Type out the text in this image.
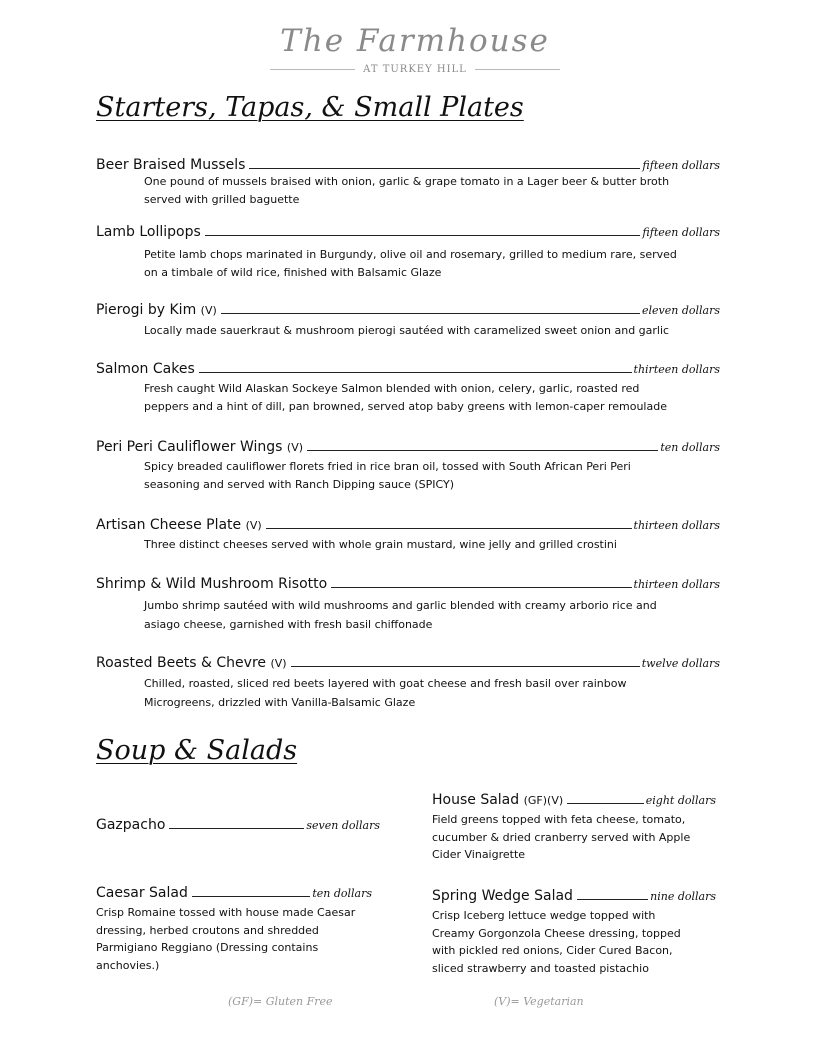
The Farmhouse
AT TURKEY HILL
Starters, Tapas, & Small Plates
Beer Braised Mussels	fifteen dollars
One pound of mussels braised with onion, garlic & grape tomato in a Lager beer & butter broth
served with grilled baguette
Lamb Lollipops	fifteen dollars
Petite lamb chops marinated in Burgundy, olive oil and rosemary, grilled to medium rare, served
on a timbale of wild rice, finished with Balsamic Glaze
Pierogi by Kim (V)	eleven dollars
Locally made sauerkraut & mushroom pierogi sautéed with caramelized sweet onion and garlic
Salmon Cakes	thirteen dollars
Fresh caught Wild Alaskan Sockeye Salmon blended with onion, celery, garlic, roasted red
peppers and a hint of dill, pan browned, served atop baby greens with lemon-caper remoulade
Peri Peri Cauliflower Wings (V)	ten dollars
Spicy breaded cauliflower florets fried in rice bran oil, tossed with South African Peri Peri
seasoning and served with Ranch Dipping sauce (SPICY)
Artisan Cheese Plate (V)	thirteen dollars
Three distinct cheeses served with whole grain mustard, wine jelly and grilled crostini
Shrimp & Wild Mushroom Risotto	thirteen dollars
Jumbo shrimp sautéed with wild mushrooms and garlic blended with creamy arborio rice and
asiago cheese, garnished with fresh basil chiffonade
Roasted Beets & Chevre (V)	twelve dollars
Chilled, roasted, sliced red beets layered with goat cheese and fresh basil over rainbow
Microgreens, drizzled with Vanilla-Balsamic Glaze
Soup & Salads
Gazpacho	seven dollars
Caesar Salad	ten dollars
Crisp Romaine tossed with house made Caesar
dressing, herbed croutons and shredded
Parmigiano Reggiano (Dressing contains
anchovies.)
House Salad (GF)(V)	eight dollars
Field greens topped with feta cheese, tomato,
cucumber & dried cranberry served with Apple
Cider Vinaigrette
Spring Wedge Salad	nine dollars
Crisp Iceberg lettuce wedge topped with
Creamy Gorgonzola Cheese dressing, topped
with pickled red onions, Cider Cured Bacon,
sliced strawberry and toasted pistachio
(GF)= Gluten Free	(V)= Vegetarian
